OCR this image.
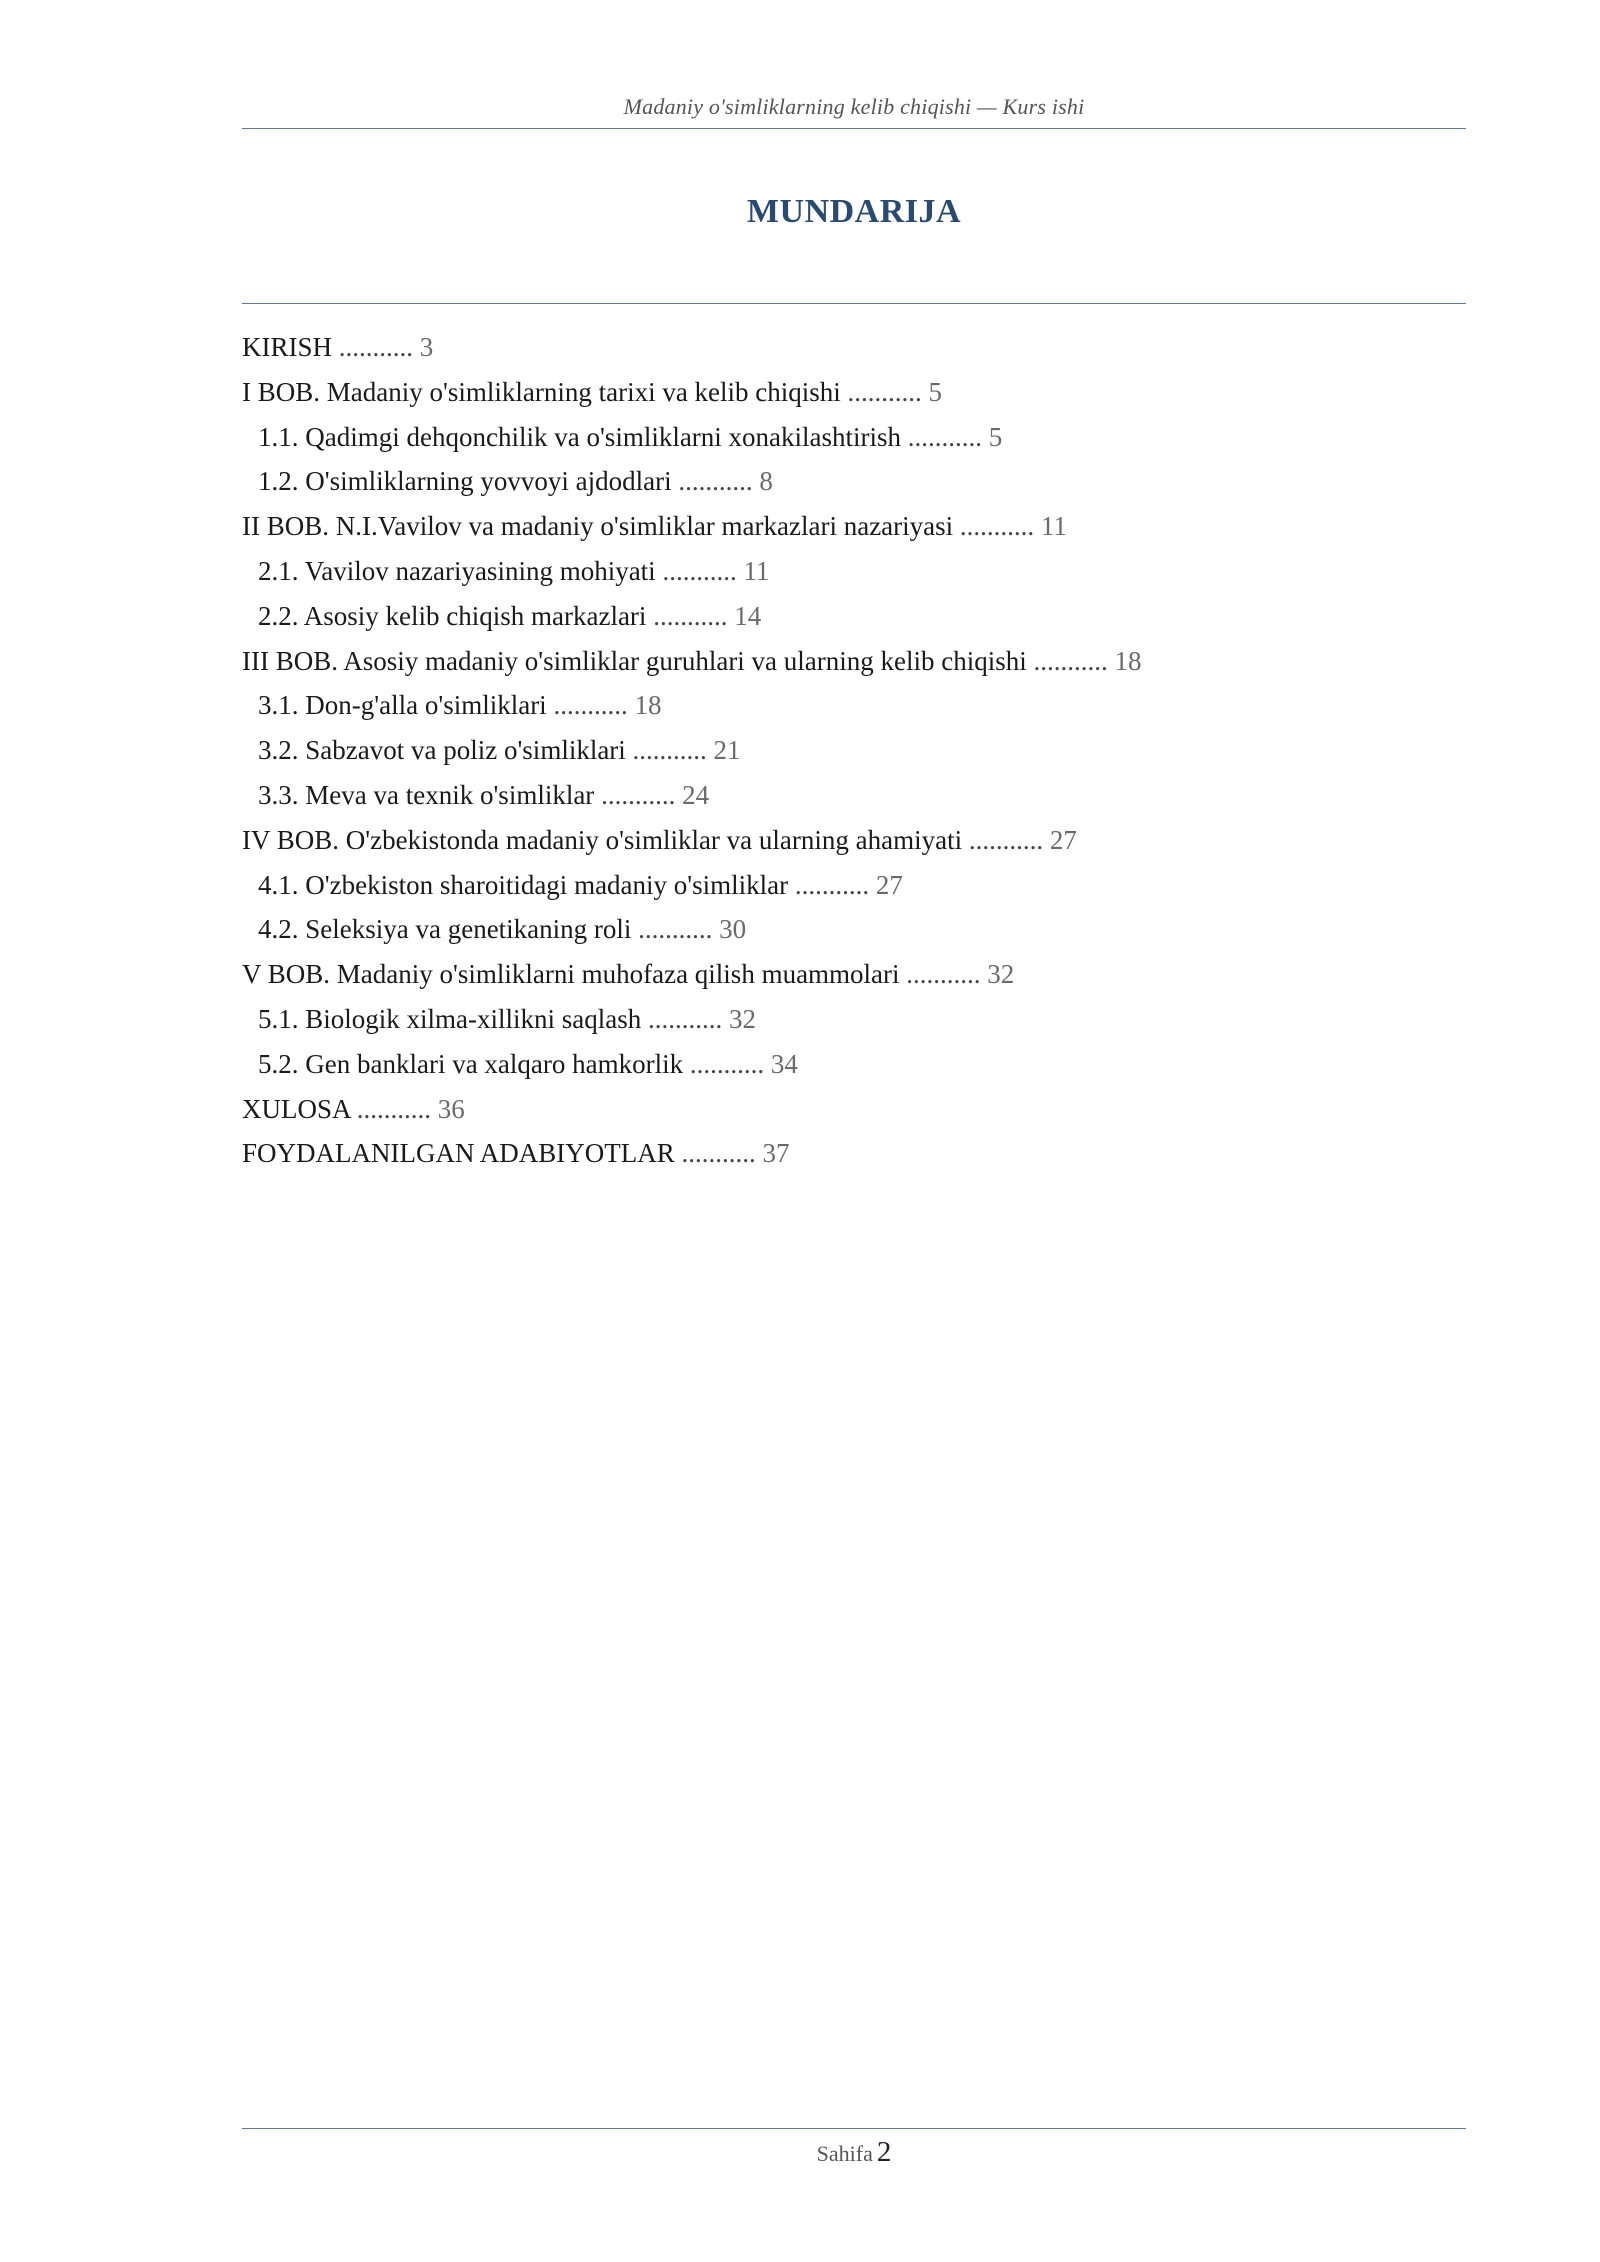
Madaniy o'simliklarning kelib chiqishi — Kurs ishi
MUNDARIJA
KIRISH ........... 3
I BOB. Madaniy o'simliklarning tarixi va kelib chiqishi ........... 5
1.1. Qadimgi dehqonchilik va o'simliklarni xonakilashtirish ........... 5
1.2. O'simliklarning yovvoyi ajdodlari ........... 8
II BOB. N.I.Vavilov va madaniy o'simliklar markazlari nazariyasi ........... 11
2.1. Vavilov nazariyasining mohiyati ........... 11
2.2. Asosiy kelib chiqish markazlari ........... 14
III BOB. Asosiy madaniy o'simliklar guruhlari va ularning kelib chiqishi ........... 18
3.1. Don-g'alla o'simliklari ........... 18
3.2. Sabzavot va poliz o'simliklari ........... 21
3.3. Meva va texnik o'simliklar ........... 24
IV BOB. O'zbekistonda madaniy o'simliklar va ularning ahamiyati ........... 27
4.1. O'zbekiston sharoitidagi madaniy o'simliklar ........... 27
4.2. Seleksiya va genetikaning roli ........... 30
V BOB. Madaniy o'simliklarni muhofaza qilish muammolari ........... 32
5.1. Biologik xilma-xillikni saqlash ........... 32
5.2. Gen banklari va xalqaro hamkorlik ........... 34
XULOSA ........... 36
FOYDALANILGAN ADABIYOTLAR ........... 37
Sahifa 2
